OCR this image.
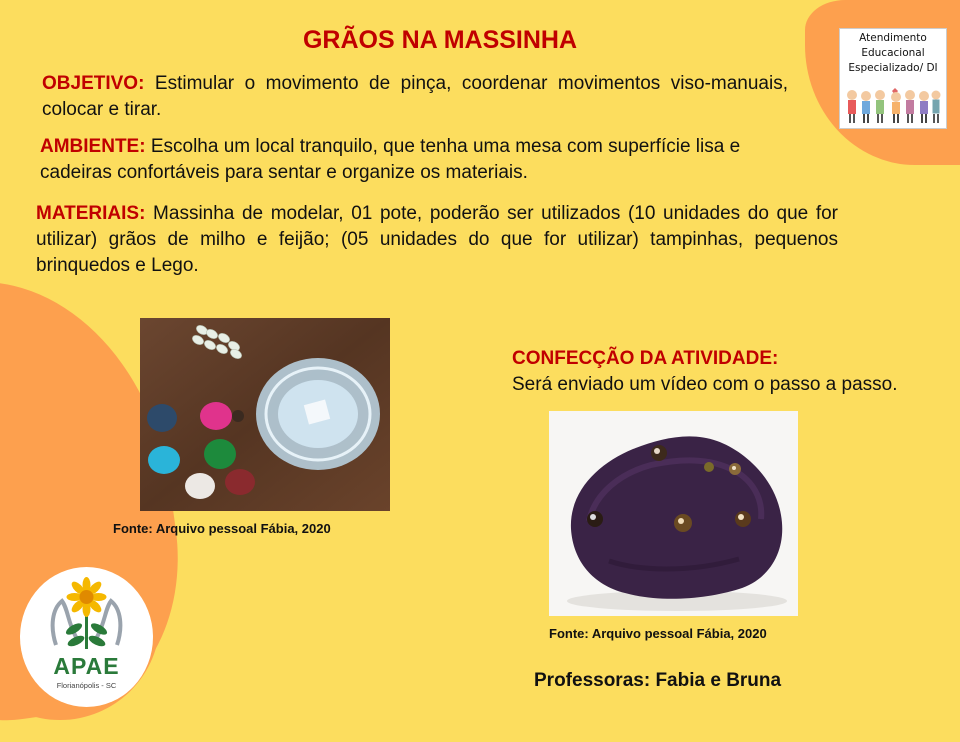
GRÃOS NA MASSINHA
OBJETIVO: Estimular o movimento de pinça, coordenar movimentos viso-manuais, colocar e tirar.
AMBIENTE: Escolha um local tranquilo, que tenha uma mesa com superfície lisa e cadeiras confortáveis para sentar e organize os materiais.
MATERIAIS: Massinha de modelar, 01 pote, poderão ser utilizados (10 unidades do que for utilizar) grãos de milho e feijão; (05 unidades do que for utilizar) tampinhas, pequenos brinquedos e Lego.
Atendimento
Educacional
Especializado/ DI
Fonte: Arquivo pessoal Fábia, 2020
CONFECÇÃO DA ATIVIDADE:
Será enviado um vídeo com o passo a passo.
Fonte: Arquivo pessoal Fábia, 2020
Professoras: Fabia e Bruna
APAE
Florianópolis - SC
